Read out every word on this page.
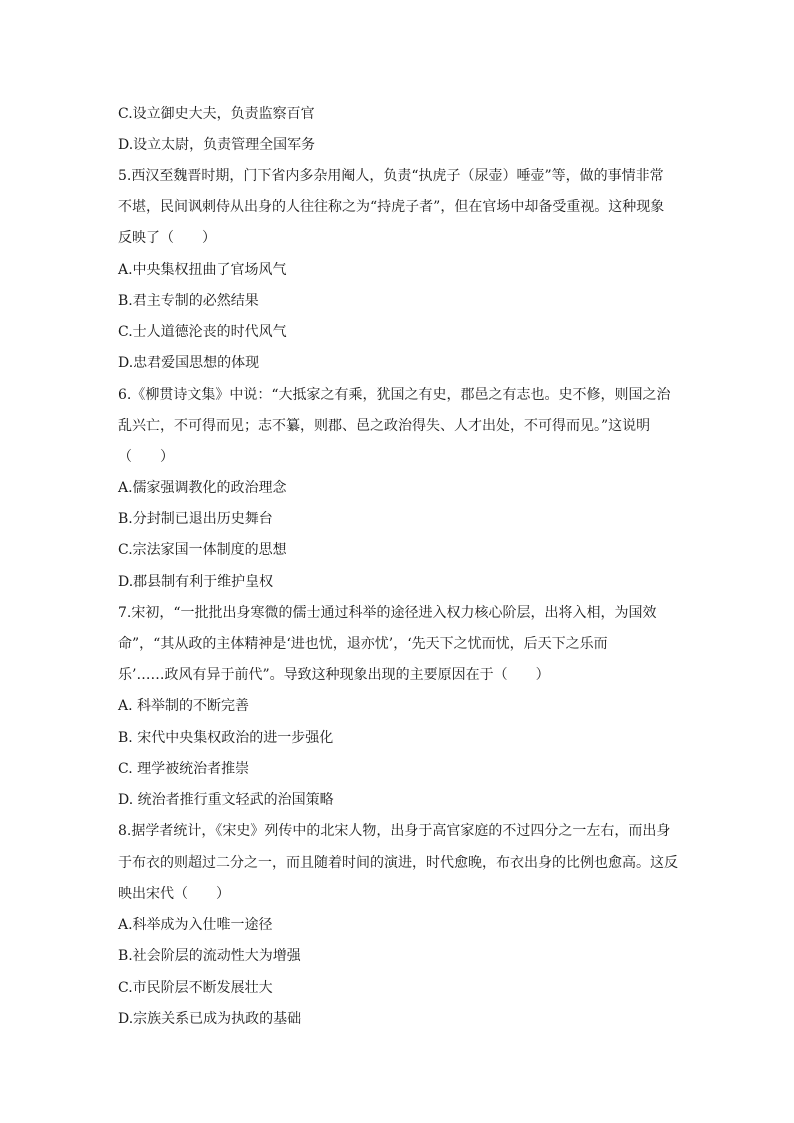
C.设立御史大夫，负责监察百官
D.设立太尉，负责管理全国军务
5.西汉至魏晋时期，门下省内多杂用阉人，负责“执虎子（尿壶）唾壶”等，做的事情非常
不堪，民间讽刺侍从出身的人往往称之为“持虎子者”，但在官场中却备受重视。这种现象
反映了（　　）
A.中央集权扭曲了官场风气
B.君主专制的必然结果
C.士人道德沦丧的时代风气
D.忠君爱国思想的体现
6.《柳贯诗文集》中说：“大抵家之有乘，犹国之有史，郡邑之有志也。史不修，则国之治
乱兴亡，不可得而见；志不纂，则郡、邑之政治得失、人才出处，不可得而见。”这说明
（　　）
A.儒家强调教化的政治理念
B.分封制已退出历史舞台
C.宗法家国一体制度的思想
D.郡县制有利于维护皇权
7.宋初，“一批批出身寒微的儒士通过科举的途径进入权力核心阶层，出将入相，为国效
命”，“其从政的主体精神是‘进也忧，退亦忧’，‘先天下之忧而忧，后天下之乐而
乐’……政风有异于前代”。导致这种现象出现的主要原因在于（　　）
A. 科举制的不断完善
B. 宋代中央集权政治的进一步强化
C. 理学被统治者推崇
D. 统治者推行重文轻武的治国策略
8.据学者统计，《宋史》列传中的北宋人物，出身于高官家庭的不过四分之一左右，而出身
于布衣的则超过二分之一，而且随着时间的演进，时代愈晚，布衣出身的比例也愈高。这反
映出宋代（　　）
A.科举成为入仕唯一途径
B.社会阶层的流动性大为增强
C.市民阶层不断发展壮大
D.宗族关系已成为执政的基础
